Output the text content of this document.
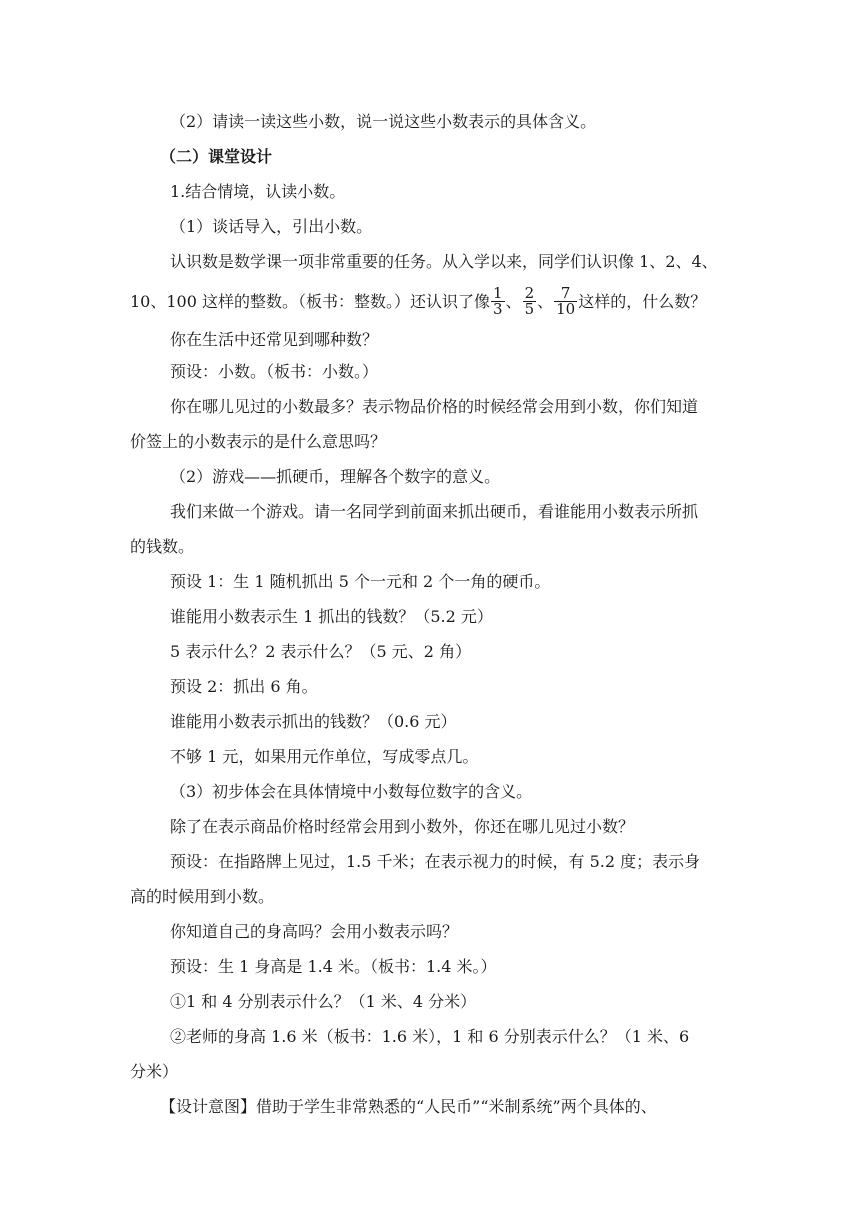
（2）请读一读这些小数，说一说这些小数表示的具体含义。
（二）课堂设计
1.结合情境，认读小数。
（1）谈话导入，引出小数。
认识数是数学课一项非常重要的任务。从入学以来，同学们认识像 1、2、4、
10、100 这样的整数。（板书：整数。）还认识了像 $\frac{1}{3}$ 、 $\frac{2}{5}$ 、 $\frac{7}{10}$ 这样的，什么数？
你在生活中还常见到哪种数？
预设：小数。（板书：小数。）
你在哪儿见过的小数最多？表示物品价格的时候经常会用到小数，你们知道
价签上的小数表示的是什么意思吗？
（2）游戏——抓硬币，理解各个数字的意义。
我们来做一个游戏。请一名同学到前面来抓出硬币，看谁能用小数表示所抓
的钱数。
预设 1：生 1 随机抓出 5 个一元和 2 个一角的硬币。
谁能用小数表示生 1 抓出的钱数？（5.2 元）
5 表示什么？2 表示什么？（5 元、2 角）
预设 2：抓出 6 角。
谁能用小数表示抓出的钱数？（0.6 元）
不够 1 元，如果用元作单位，写成零点几。
（3）初步体会在具体情境中小数每位数字的含义。
除了在表示商品价格时经常会用到小数外，你还在哪儿见过小数？
预设：在指路牌上见过，1.5 千米；在表示视力的时候，有 5.2 度；表示身
高的时候用到小数。
你知道自己的身高吗？会用小数表示吗？
预设：生 1 身高是 1.4 米。（板书：1.4 米。）
①1 和 4 分别表示什么？（1 米、4 分米）
②老师的身高 1.6 米（板书：1.6 米），1 和 6 分别表示什么？（1 米、6
分米）
【设计意图】借助于学生非常熟悉的“人民币”“米制系统”两个具体的、
